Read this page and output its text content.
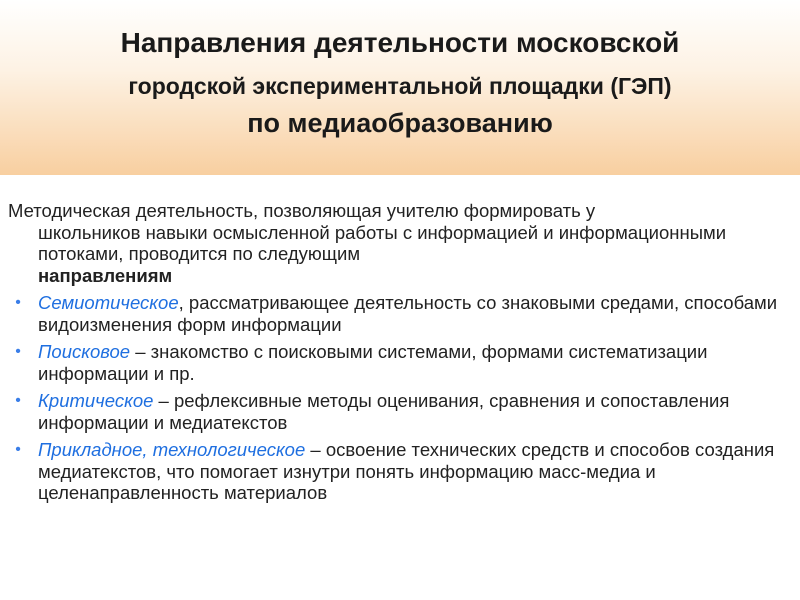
Направления деятельности московской
городской экспериментальной площадки (ГЭП)
по медиаобразованию

Методическая деятельность, позволяющая учителю формировать у
школьников навыки осмысленной работы с информацией и информационными потоками, проводится по следующим
направлениям

• Семиотическое, рассматривающее деятельность со знаковыми средами, способами видоизменения форм информации
• Поисковое – знакомство с поисковыми системами, формами систематизации информации и пр.
• Критическое – рефлексивные методы оценивания, сравнения и сопоставления информации и медиатекстов
• Прикладное, технологическое – освоение технических средств и способов создания медиатекстов, что помогает изнутри понять информацию масс-медиа и целенаправленность материалов
